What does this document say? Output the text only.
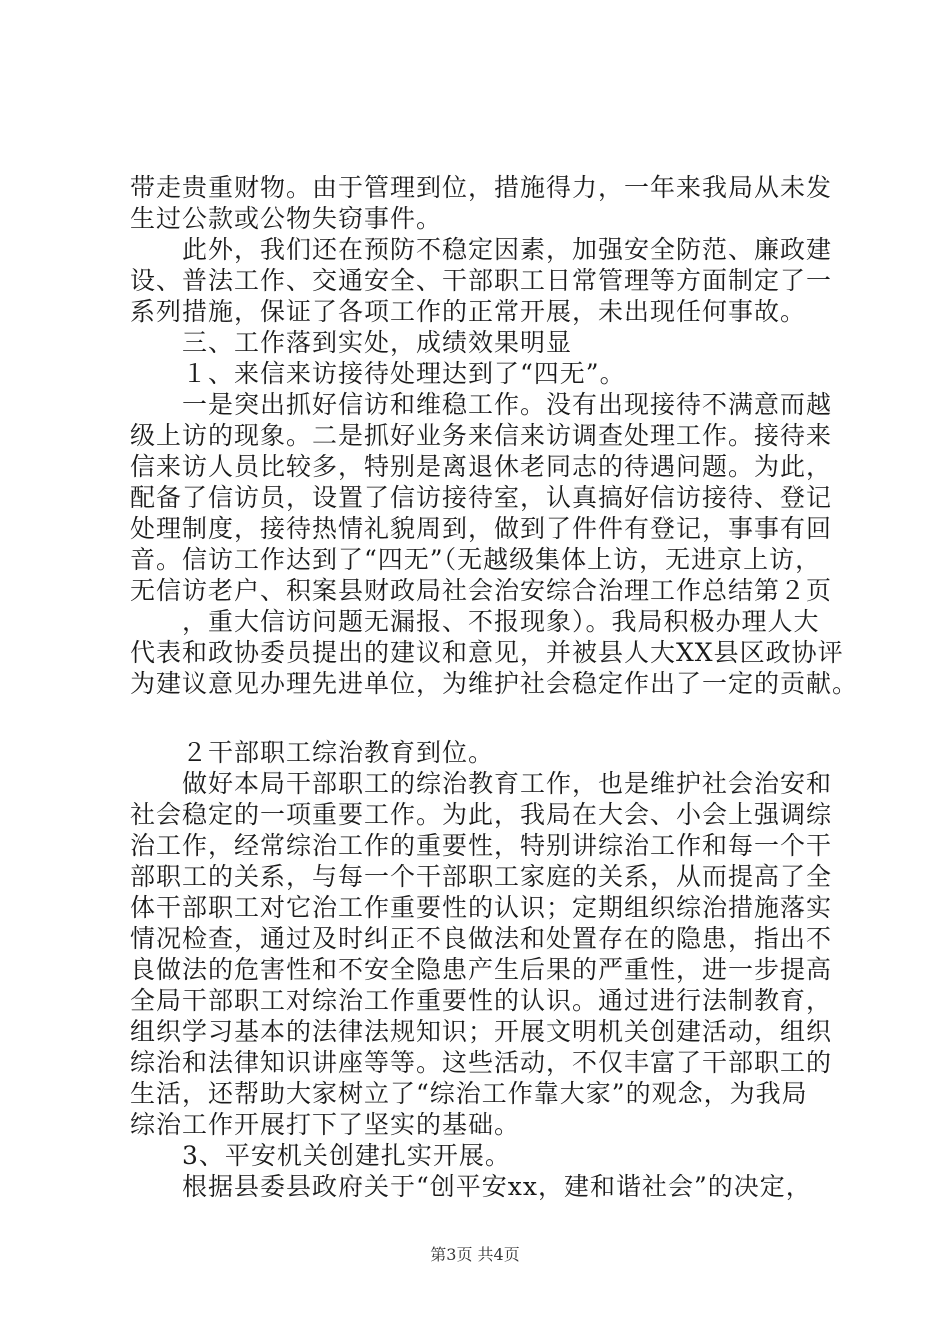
带走贵重财物。由于管理到位，措施得力，一年来我局从未发
生过公款或公物失窃事件。
此外，我们还在预防不稳定因素，加强安全防范、廉政建
设、普法工作、交通安全、干部职工日常管理等方面制定了一
系列措施，保证了各项工作的正常开展，未出现任何事故。
三、工作落到实处，成绩效果明显
１、来信来访接待处理达到了“四无”。
一是突出抓好信访和维稳工作。没有出现接待不满意而越
级上访的现象。二是抓好业务来信来访调查处理工作。接待来
信来访人员比较多，特别是离退休老同志的待遇问题。为此，
配备了信访员，设置了信访接待室，认真搞好信访接待、登记
处理制度，接待热情礼貌周到，做到了件件有登记，事事有回
音。信访工作达到了“四无”（无越级集体上访，无进京上访，
无信访老户、积案县财政局社会治安综合治理工作总结第２页
，重大信访问题无漏报、不报现象）。我局积极办理人大
代表和政协委员提出的建议和意见，并被县人大XX县区政协评
为建议意见办理先进单位，为维护社会稳定作出了一定的贡献。
２干部职工综治教育到位。
做好本局干部职工的综治教育工作，也是维护社会治安和
社会稳定的一项重要工作。为此，我局在大会、小会上强调综
治工作，经常综治工作的重要性，特别讲综治工作和每一个干
部职工的关系，与每一个干部职工家庭的关系，从而提高了全
体干部职工对它治工作重要性的认识；定期组织综治措施落实
情况检查，通过及时纠正不良做法和处置存在的隐患，指出不
良做法的危害性和不安全隐患产生后果的严重性，进一步提高
全局干部职工对综治工作重要性的认识。通过进行法制教育，
组织学习基本的法律法规知识；开展文明机关创建活动，组织
综治和法律知识讲座等等。这些活动，不仅丰富了干部职工的
生活，还帮助大家树立了“综治工作靠大家”的观念，为我局
综治工作开展打下了坚实的基础。
3、平安机关创建扎实开展。
根据县委县政府关于“创平安xx，建和谐社会”的决定，
第3页 共4页
